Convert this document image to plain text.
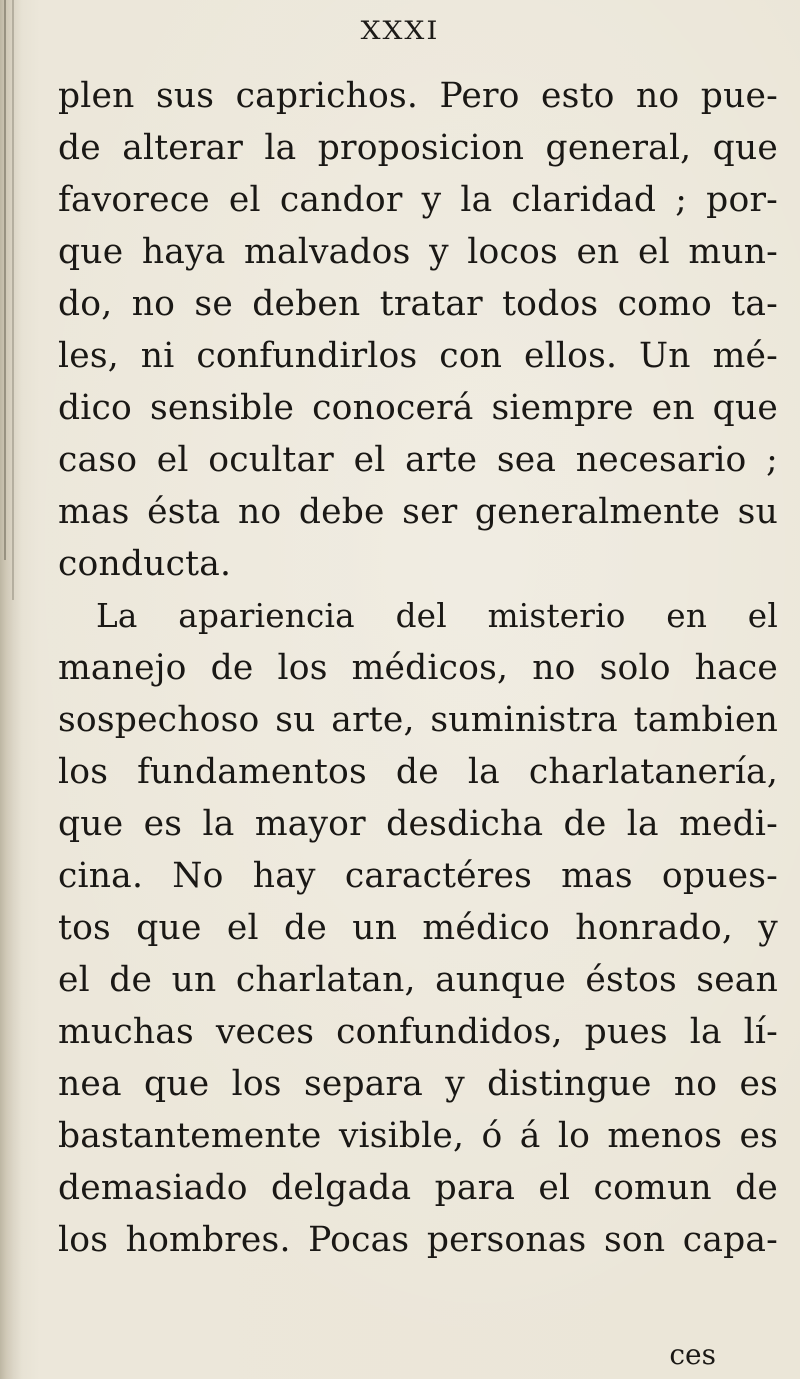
XXXI
plen sus caprichos. Pero esto no pue-
de alterar la proposicion general, que
favorece el candor y la claridad ; por-
que haya malvados y locos en el mun-
do, no se deben tratar todos como ta-
les, ni confundirlos con ellos. Un mé-
dico sensible conocerá siempre en que
caso el ocultar el arte sea necesario ;
mas ésta no debe ser generalmente su
conducta.
La apariencia del misterio en el
manejo de los médicos, no solo hace
sospechoso su arte, suministra tambien
los fundamentos de la charlatanería,
que es la mayor desdicha de la medi-
cina. No hay caractéres mas opues-
tos que el de un médico honrado, y
el de un charlatan, aunque éstos sean
muchas veces confundidos, pues la lí-
nea que los separa y distingue no es
bastantemente visible, ó á lo menos es
demasiado delgada para el comun de
los hombres. Pocas personas son capa-
ces
